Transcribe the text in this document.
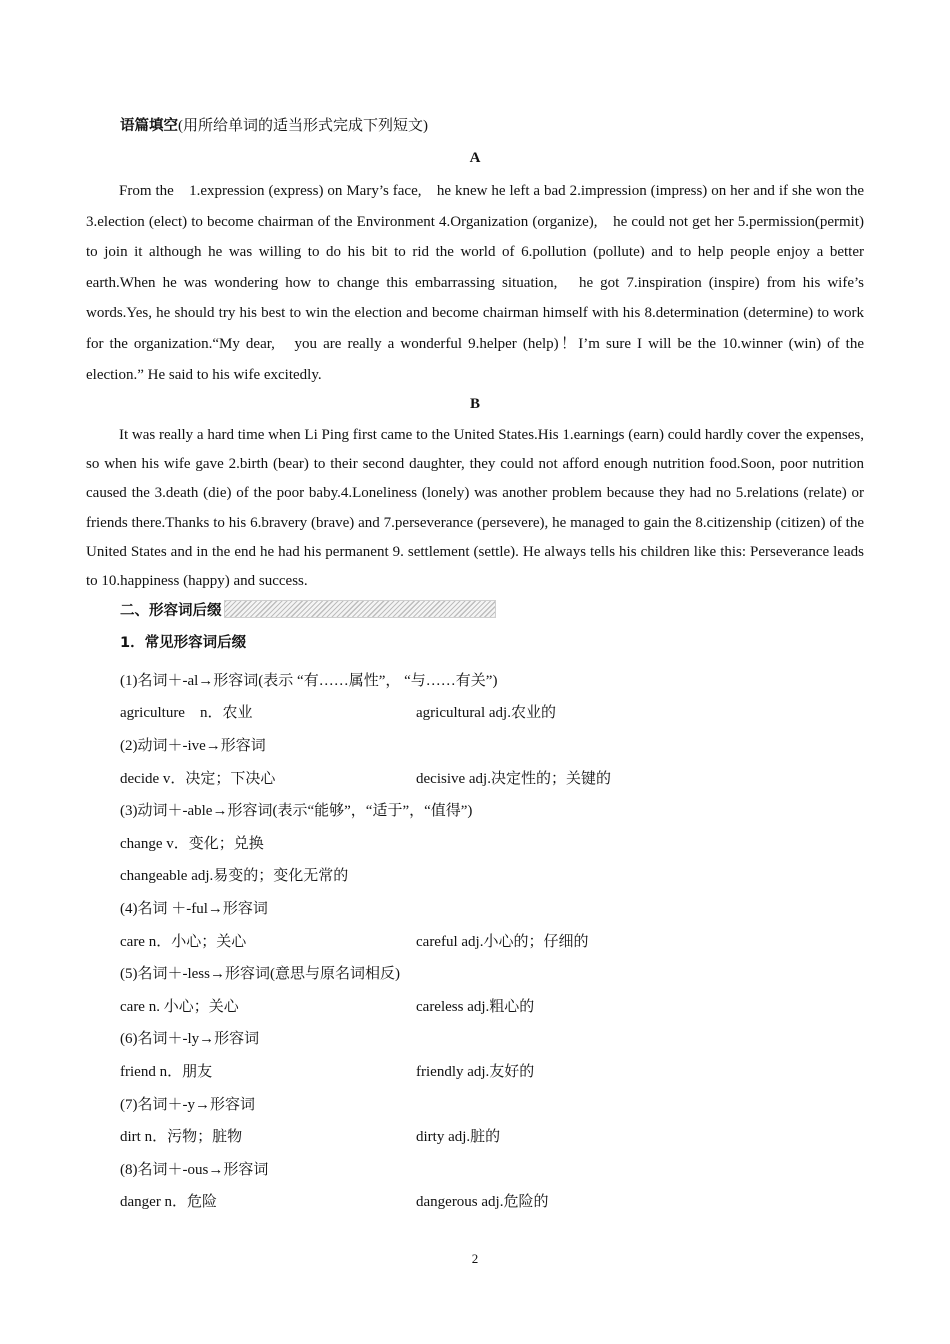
语篇填空(用所给单词的适当形式完成下列短文)
A

From the　1.expression (express) on Mary’s face,　he knew he left a bad 2.impression (impress) on her and if she won the 3.election (elect) to become chairman of the Environment 4.Organization (organize),　he could not get her 5.permission(permit) to join it although he was willing to do his bit to rid the world of 6.pollution (pollute) and to help people enjoy a better earth.When he was wondering how to change this embarrassing situation,　he got 7.inspiration (inspire) from his wife’s words.Yes, he should try his best to win the election and become chairman himself with his 8.determination (determine) to work for the organization.“My dear,　you are really a wonderful 9.helper (help)！I’m sure I will be the 10.winner (win) of the election.” He said to his wife excitedly.

B

It was really a hard time when Li Ping first came to the United States.His 1.earnings (earn) could hardly cover the expenses, so when his wife gave 2.birth (bear) to their second daughter, they could not afford enough nutrition food.Soon, poor nutrition caused the 3.death (die) of the poor baby.4.Loneliness (lonely) was another problem because they had no 5.relations (relate) or friends there.Thanks to his 6.bravery (brave) and 7.perseverance (persevere), he managed to gain the 8.citizenship (citizen) of the United States and in the end he had his permanent 9. settlement (settle). He always tells his children like this: Perseverance leads to 10.happiness (happy) and success.

二、形容词后缀
1．常见形容词后缀
(1)名词＋-al→形容词(表示 “有……属性”， “与……有关”)
agriculture　n．农业	agricultural adj.农业的
(2)动词＋-ive→形容词
decide v．决定；下决心	decisive adj.决定性的；关键的
(3)动词＋-able→形容词(表示“能够”，“适于”，“值得”)
change v．变化；兑换
changeable adj.易变的；变化无常的
(4)名词 ＋-ful→形容词
care n．小心；关心	careful adj.小心的；仔细的
(5)名词＋-less→形容词(意思与原名词相反)
care n. 小心；关心	careless adj.粗心的
(6)名词＋-ly→形容词
friend n．朋友	friendly adj.友好的
(7)名词＋-y→形容词
dirt n．污物；脏物	dirty adj.脏的
(8)名词＋-ous→形容词
danger n．危险	dangerous adj.危险的
2
